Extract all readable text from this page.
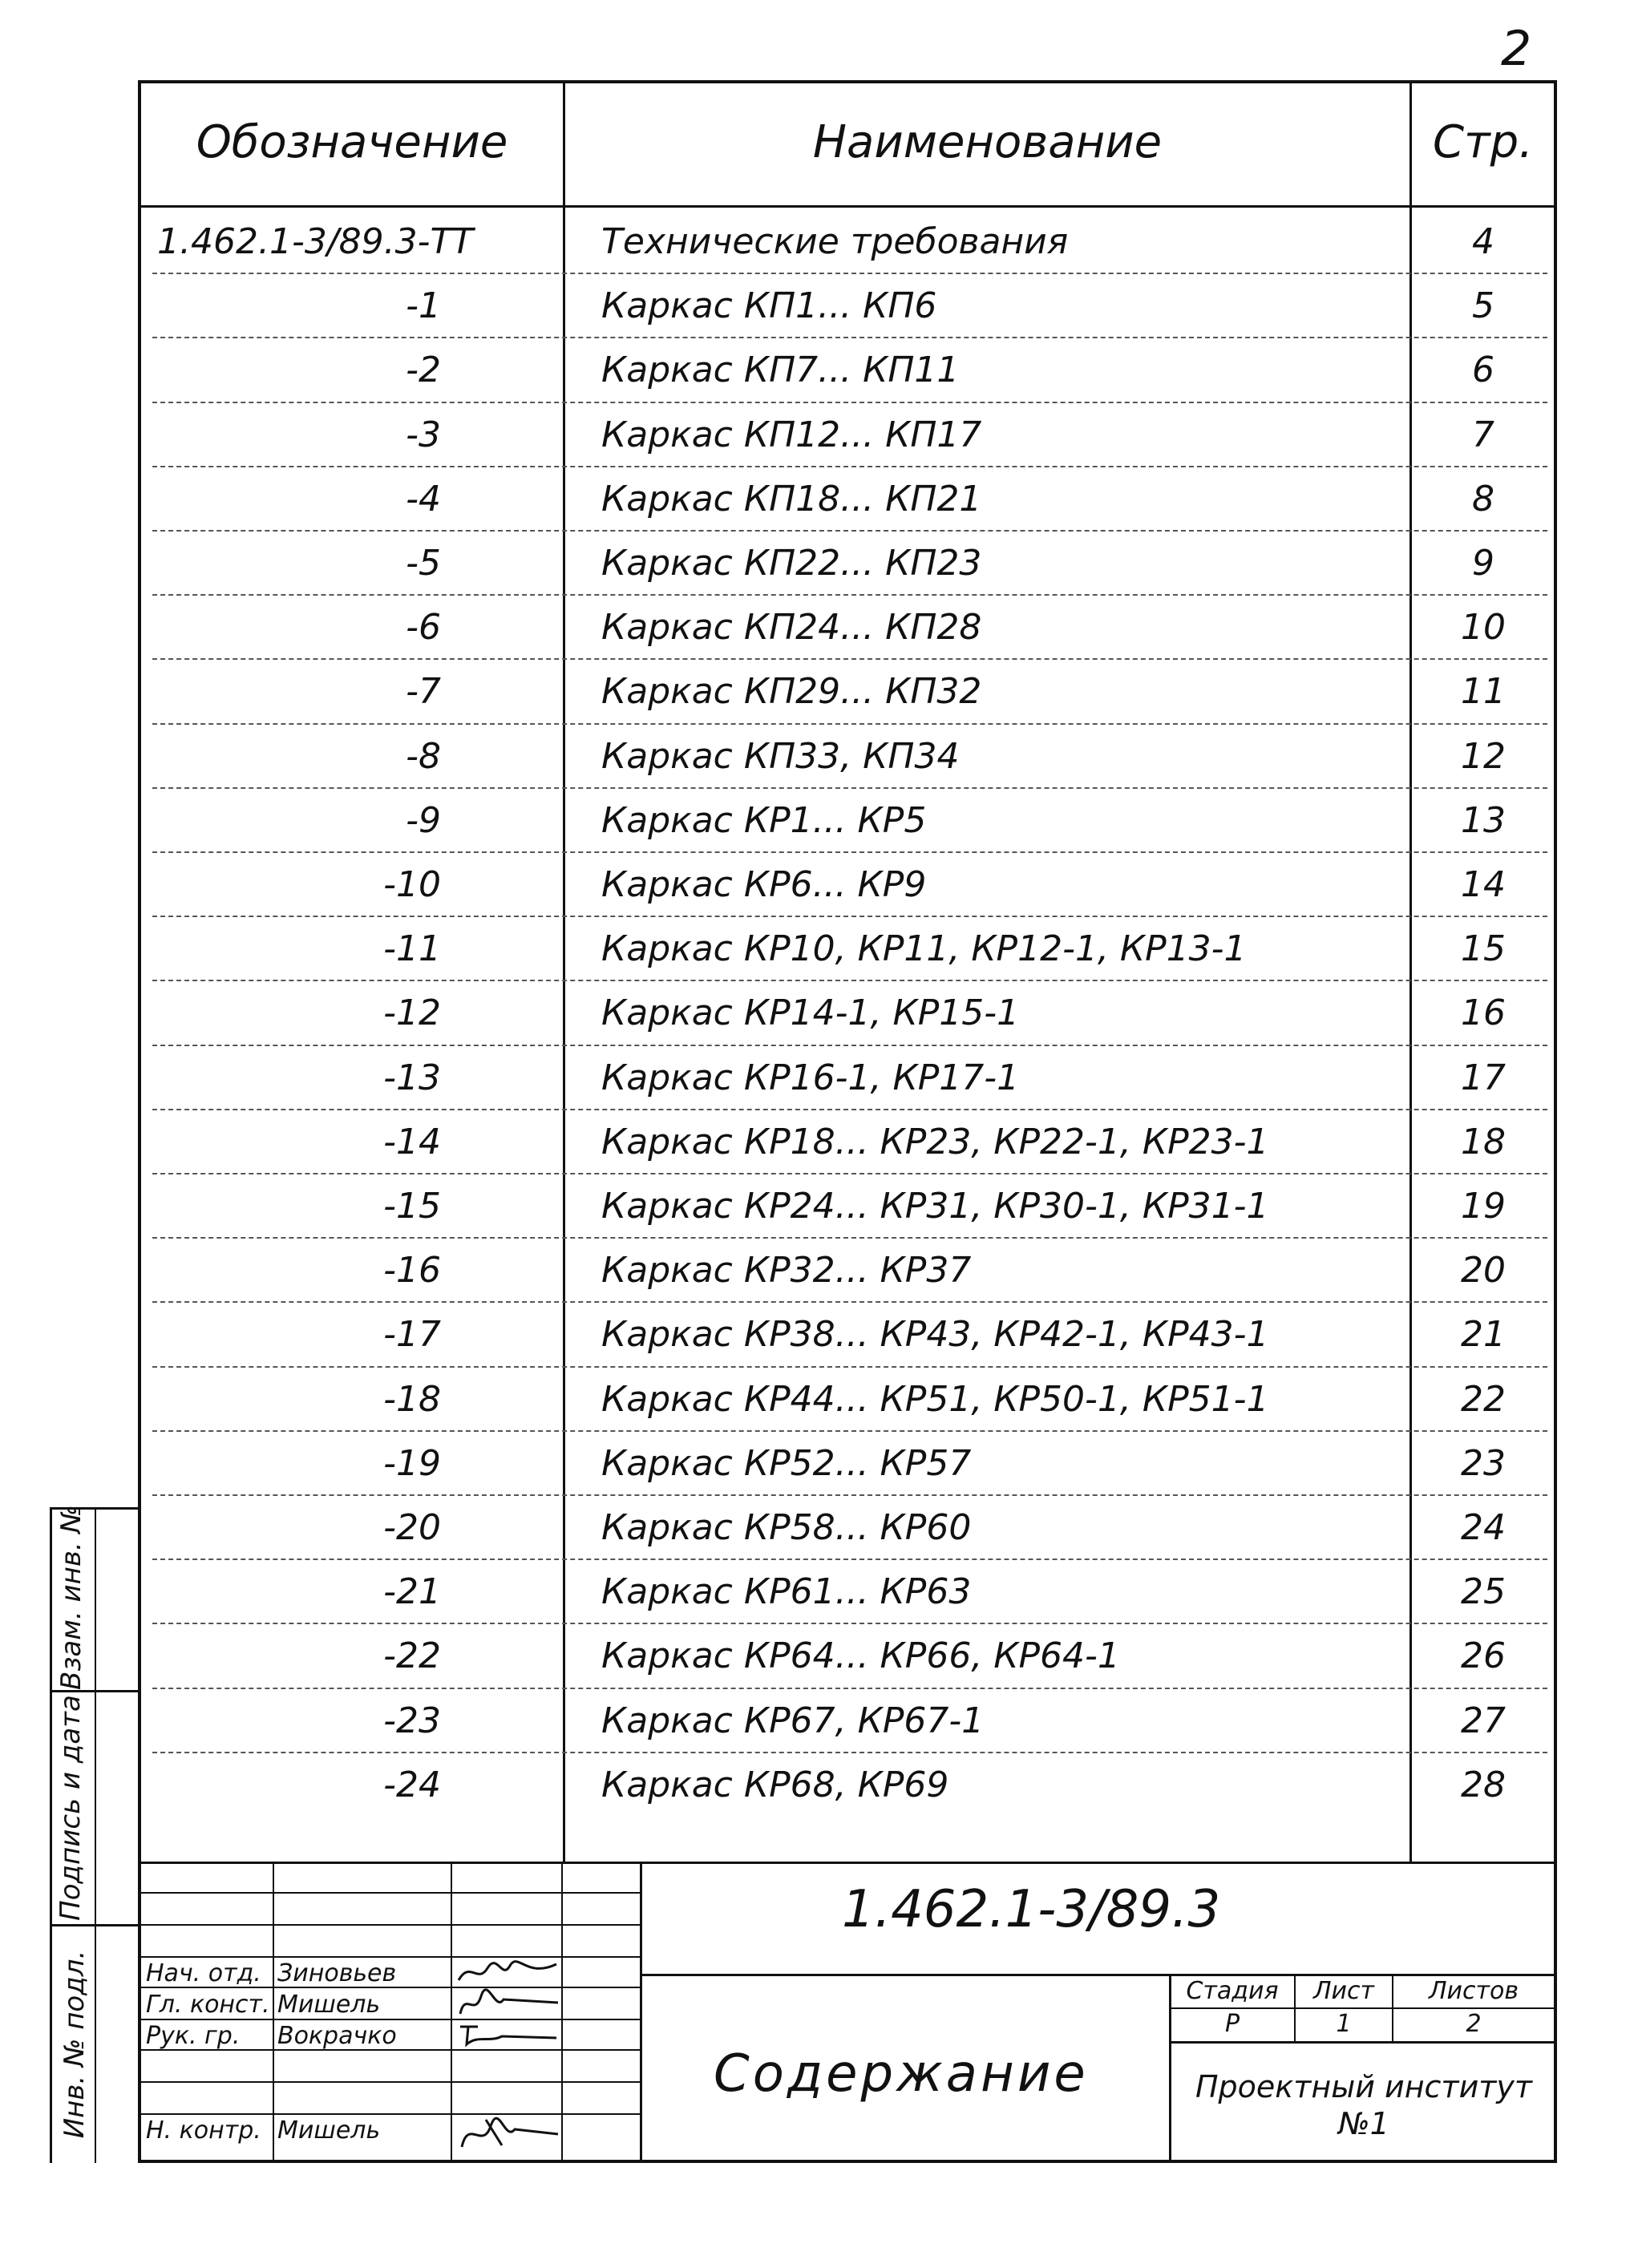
2
Обозначение	Наименование	Стр.
1.462.1-3/89.3-ТТ	Технические требования	4
-1	Каркас КП1... КП6	5
-2	Каркас КП7... КП11	6
-3	Каркас КП12... КП17	7
-4	Каркас КП18... КП21	8
-5	Каркас КП22... КП23	9
-6	Каркас КП24... КП28	10
-7	Каркас КП29... КП32	11
-8	Каркас КП33, КП34	12
-9	Каркас КР1... КР5	13
-10	Каркас КР6... КР9	14
-11	Каркас КР10, КР11, КР12-1, КР13-1	15
-12	Каркас КР14-1, КР15-1	16
-13	Каркас КР16-1, КР17-1	17
-14	Каркас КР18... КР23, КР22-1, КР23-1	18
-15	Каркас КР24... КР31, КР30-1, КР31-1	19
-16	Каркас КР32... КР37	20
-17	Каркас КР38... КР43, КР42-1, КР43-1	21
-18	Каркас КР44... КР51, КР50-1, КР51-1	22
-19	Каркас КР52... КР57	23
-20	Каркас КР58... КР60	24
-21	Каркас КР61... КР63	25
-22	Каркас КР64... КР66, КР64-1	26
-23	Каркас КР67, КР67-1	27
-24	Каркас КР68, КР69	28
Взам. инв. №
Подпись и дата
Инв. № подл.
1.462.1-3/89.3
Содержание
Стадия	Лист	Листов
Р	1	2
Проектный институт №1
Нач. отд. Зиновьев
Гл. конст. Мишель
Рук. гр. Вокрачко
Н. контр. Мишель
